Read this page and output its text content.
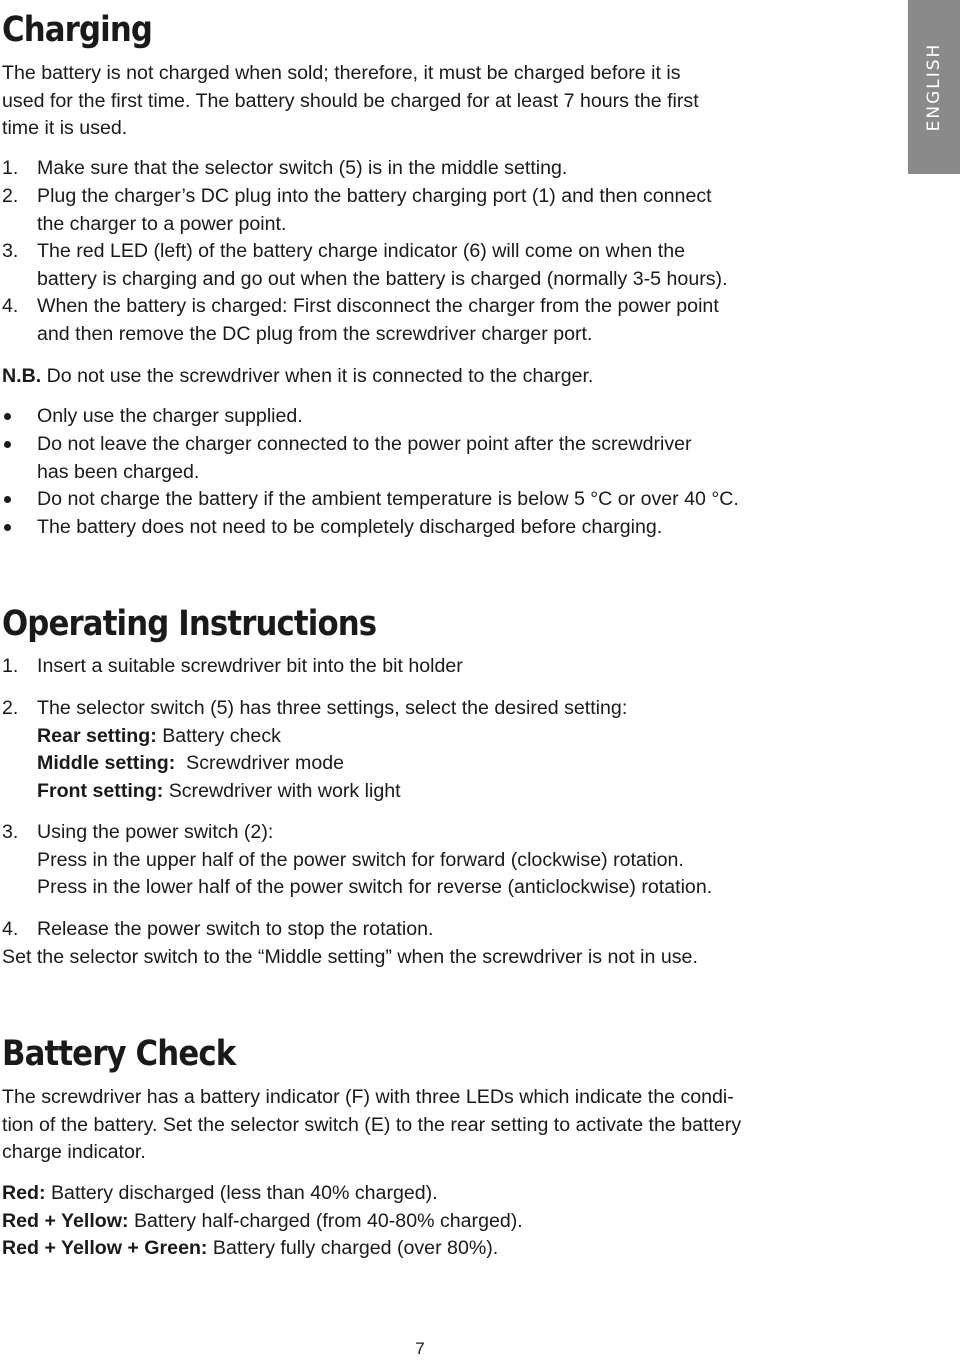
ENGLISH
Charging

The battery is not charged when sold; therefore, it must be charged before it is

used for the first time. The battery should be charged for at least 7 hours the first

time it is used.

1. Make sure that the selector switch (5) is in the middle setting.

2. Plug the charger’s DC plug into the battery charging port (1) and then connect

the charger to a power point.

3. The red LED (left) of the battery charge indicator (6) will come on when the

battery is charging and go out when the battery is charged (normally 3-5 hours).

4. When the battery is charged: First disconnect the charger from the power point

and then remove the DC plug from the screwdriver charger port.

N.B. Do not use the screwdriver when it is connected to the charger.

Only use the charger supplied.

Do not leave the charger connected to the power point after the screwdriver

has been charged.

Do not charge the battery if the ambient temperature is below 5 °C or over 40 °C.

The battery does not need to be completely discharged before charging.

Operating Instructions
1. Insert a suitable screwdriver bit into the bit holder

2. The selector switch (5) has three settings, select the desired setting:

Rear setting: Battery check

Middle setting:  Screwdriver mode

Front setting: Screwdriver with work light

3. Using the power switch (2):

Press in the upper half of the power switch for forward (clockwise) rotation.

Press in the lower half of the power switch for reverse (anticlockwise) rotation.

4. Release the power switch to stop the rotation.

Set the selector switch to the “Middle setting” when the screwdriver is not in use.

Battery Check

The screwdriver has a battery indicator (F) with three LEDs which indicate the condi-

tion of the battery. Set the selector switch (E) to the rear setting to activate the battery

charge indicator.

Red: Battery discharged (less than 40% charged).

Red + Yellow: Battery half-charged (from 40-80% charged).

Red + Yellow + Green: Battery fully charged (over 80%).

7
